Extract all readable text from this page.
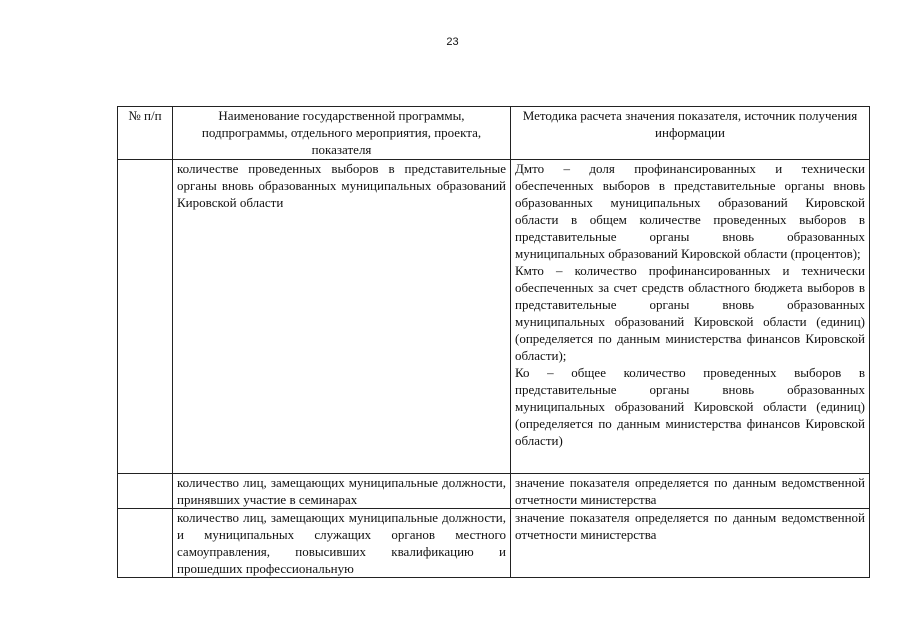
23
№ п/п	Наименование государственной программы, подпрограммы, отдельного мероприятия, проекта, показателя	Методика расчета значения показателя, источник получения информации
	количестве проведенных выборов в представительные органы вновь образованных муниципальных образований Кировской области	Дмто – доля профинансированных и технически обеспеченных выборов в представительные органы вновь образованных муниципальных образований Кировской области в общем количестве проведенных выборов в представительные органы вновь образованных муниципальных образований Кировской области (процентов);
Кмто – количество профинансированных и технически обеспеченных за счет средств областного бюджета выборов в представительные органы вновь образованных муниципальных образований Кировской области (единиц) (определяется по данным министерства финансов Кировской области);
Ко – общее количество проведенных выборов в представительные органы вновь образованных муниципальных образований Кировской области (единиц) (определяется по данным министерства финансов Кировской области)
	количество лиц, замещающих муниципальные должности, принявших участие в семинарах	значение показателя определяется по данным ведомственной отчетности министерства

	количество лиц, замещающих муниципальные должности, и муниципальных служащих органов местного самоуправления, повысивших квалификацию и прошедших профессиональную	значение показателя определяется по данным ведомственной отчетности министерства
